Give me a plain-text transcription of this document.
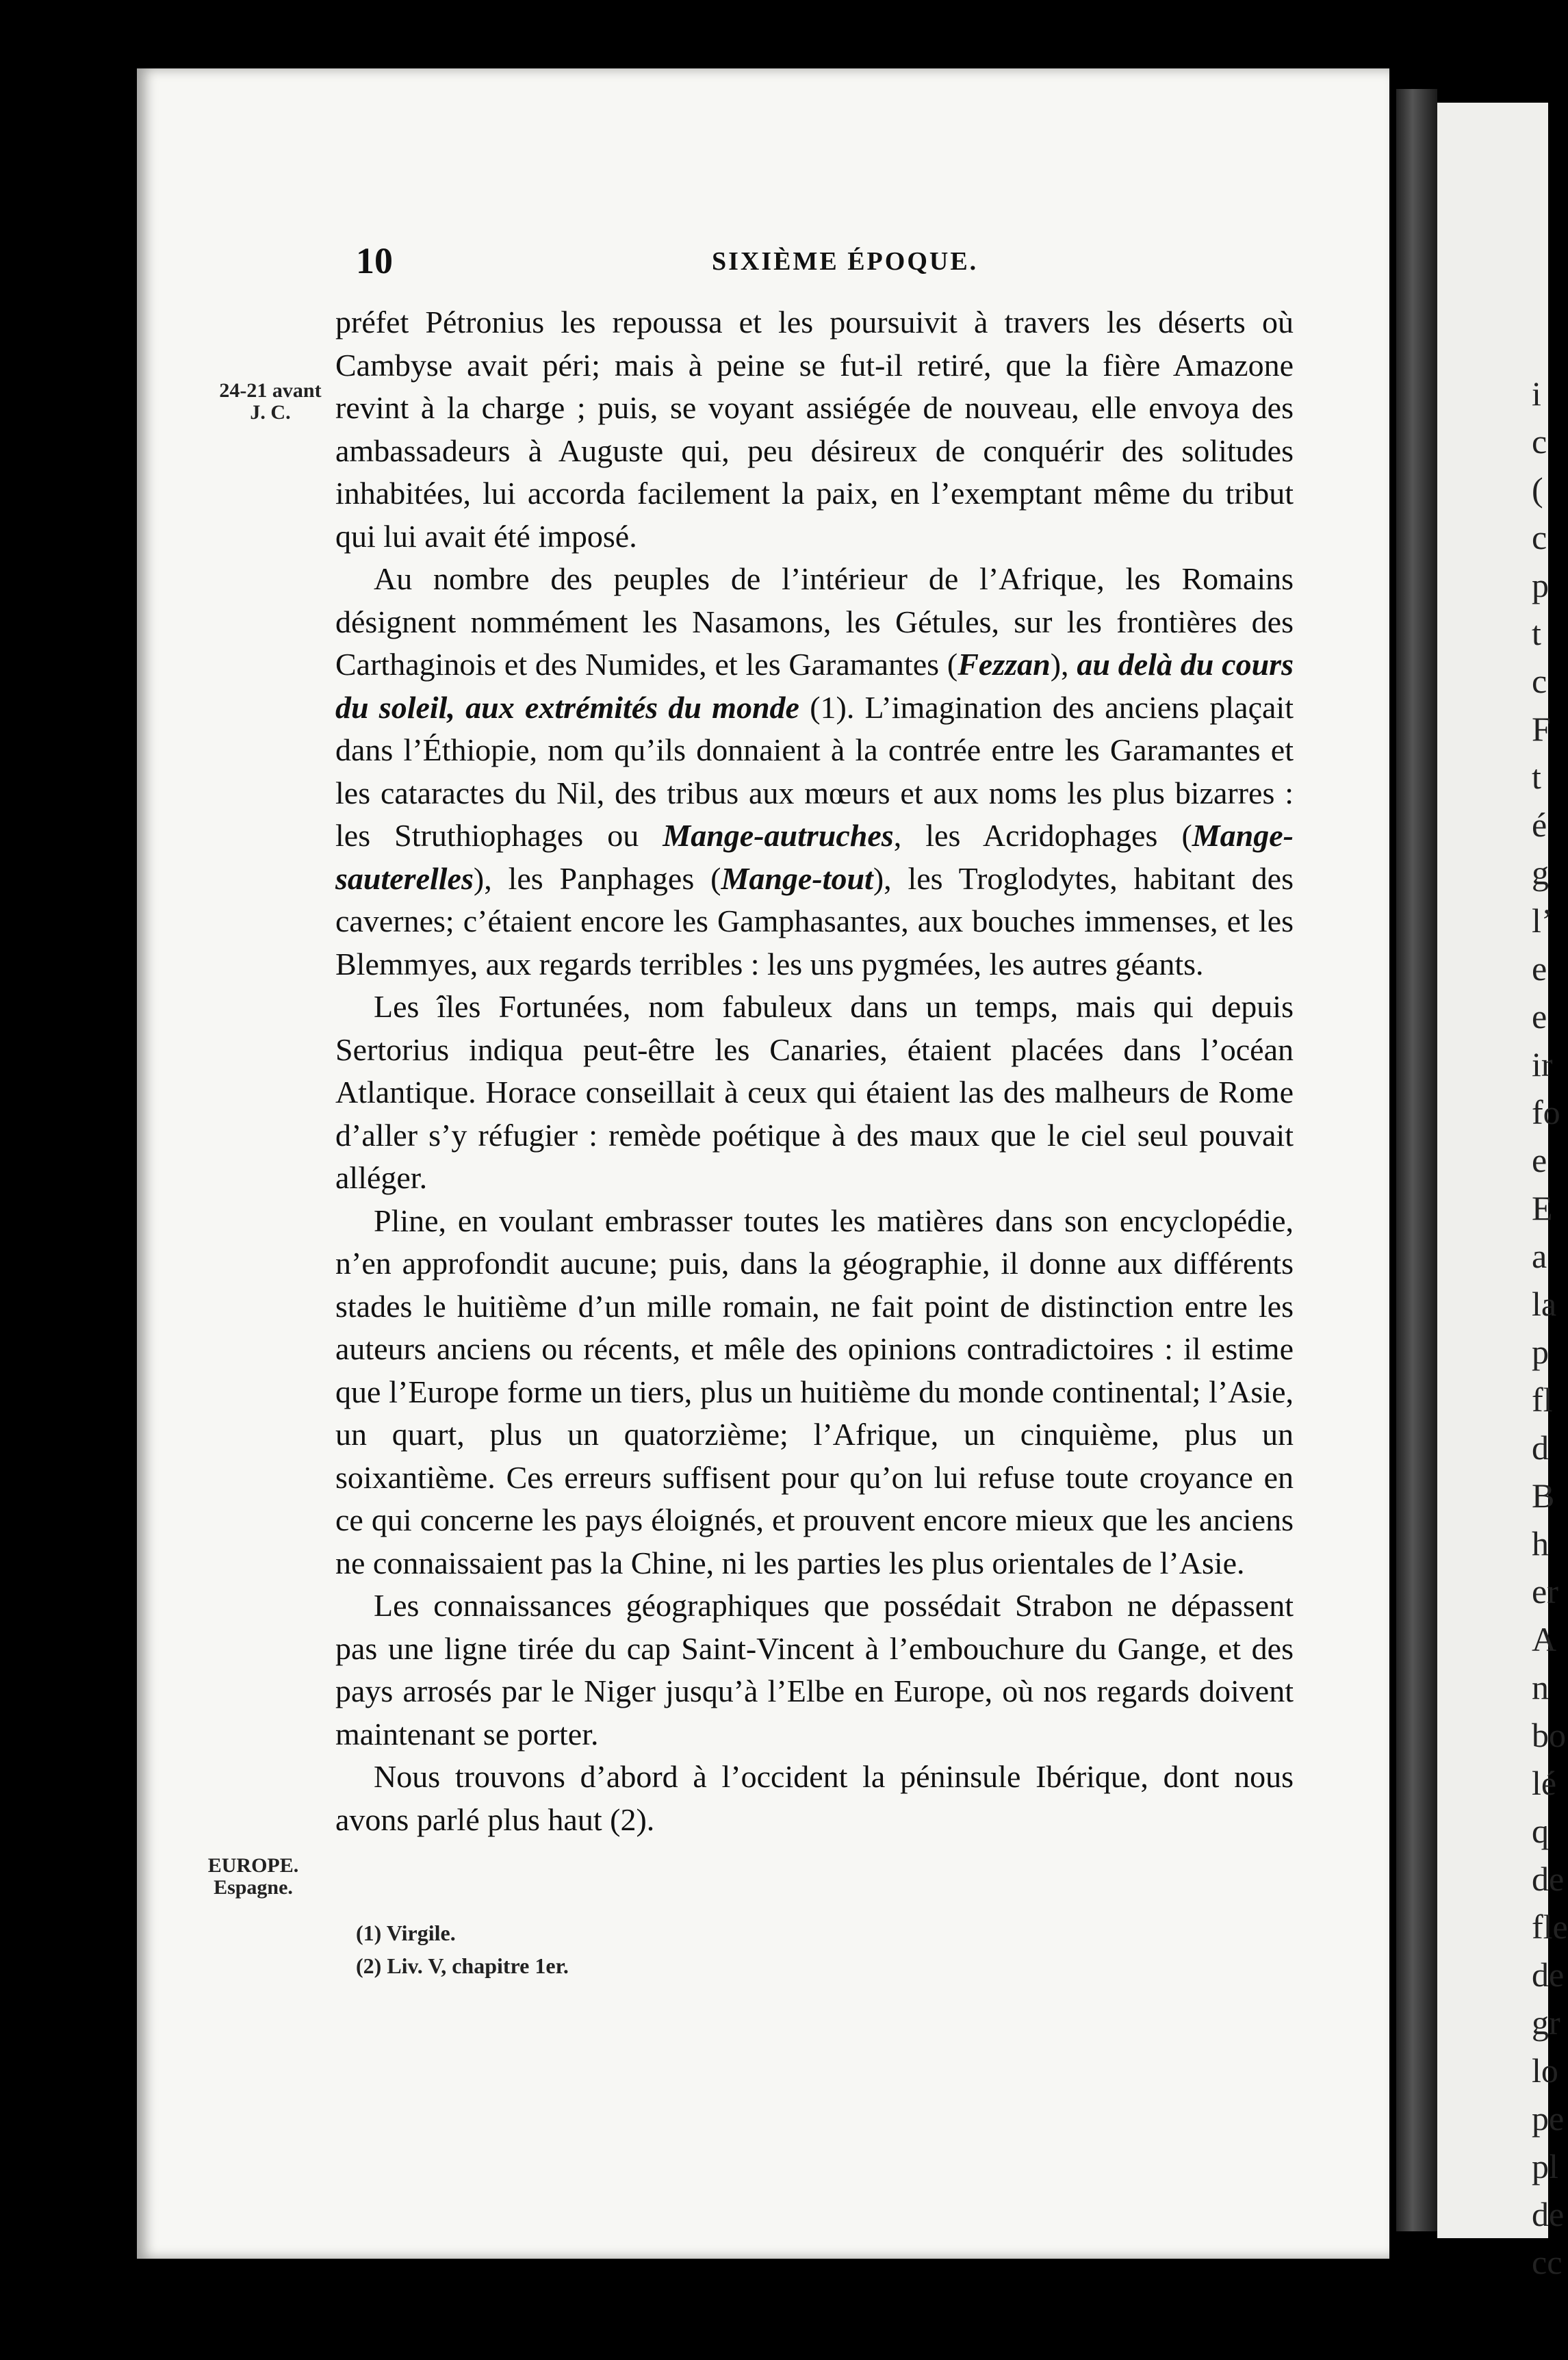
i
c
(
c
p
t
c
F
t
é
g
l’
e
e
ir
fo
e
E
a
la
p
fl
d
B
h
er
A
n
bo
lé
q
de
fle
de
gr
lo
pe
pl
de
cc
10	SIXIÈME ÉPOQUE.
24-21 avant
J. C.
EUROPE.
Espagne.

préfet Pétronius les repoussa et les poursuivit à travers les déserts où Cambyse avait péri; mais à peine se fut-il retiré, que la fière Amazone revint à la charge ; puis, se voyant assiégée de nouveau, elle envoya des ambassadeurs à Auguste qui, peu désireux de conquérir des solitudes inhabitées, lui accorda facilement la paix, en l’exemptant même du tribut qui lui avait été imposé.

Au nombre des peuples de l’intérieur de l’Afrique, les Romains désignent nommément les Nasamons, les Gétules, sur les frontières des Carthaginois et des Numides, et les Garamantes (Fezzan), au delà du cours du soleil, aux extrémités du monde (1). L’imagination des anciens plaçait dans l’Éthiopie, nom qu’ils donnaient à la contrée entre les Garamantes et les cataractes du Nil, des tribus aux mœurs et aux noms les plus bizarres : les Struthiophages ou Mange-autruches, les Acridophages (Mange-sauterelles), les Panphages (Mange-tout), les Troglodytes, habitant des cavernes; c’étaient encore les Gamphasantes, aux bouches immenses, et les Blemmyes, aux regards terribles : les uns pygmées, les autres géants.

Les îles Fortunées, nom fabuleux dans un temps, mais qui depuis Sertorius indiqua peut-être les Canaries, étaient placées dans l’océan Atlantique. Horace conseillait à ceux qui étaient las des malheurs de Rome d’aller s’y réfugier : remède poétique à des maux que le ciel seul pouvait alléger.

Pline, en voulant embrasser toutes les matières dans son encyclopédie, n’en approfondit aucune; puis, dans la géographie, il donne aux différents stades le huitième d’un mille romain, ne fait point de distinction entre les auteurs anciens ou récents, et mêle des opinions contradictoires : il estime que l’Europe forme un tiers, plus un huitième du monde continental; l’Asie, un quart, plus un quatorzième; l’Afrique, un cinquième, plus un soixantième. Ces erreurs suffisent pour qu’on lui refuse toute croyance en ce qui concerne les pays éloignés, et prouvent encore mieux que les anciens ne connaissaient pas la Chine, ni les parties les plus orientales de l’Asie.

Les connaissances géographiques que possédait Strabon ne dépassent pas une ligne tirée du cap Saint-Vincent à l’embouchure du Gange, et des pays arrosés par le Niger jusqu’à l’Elbe en Europe, où nos regards doivent maintenant se porter.

Nous trouvons d’abord à l’occident la péninsule Ibérique, dont nous avons parlé plus haut (2).

(1) Virgile.
(2) Liv. V, chapitre 1er.
